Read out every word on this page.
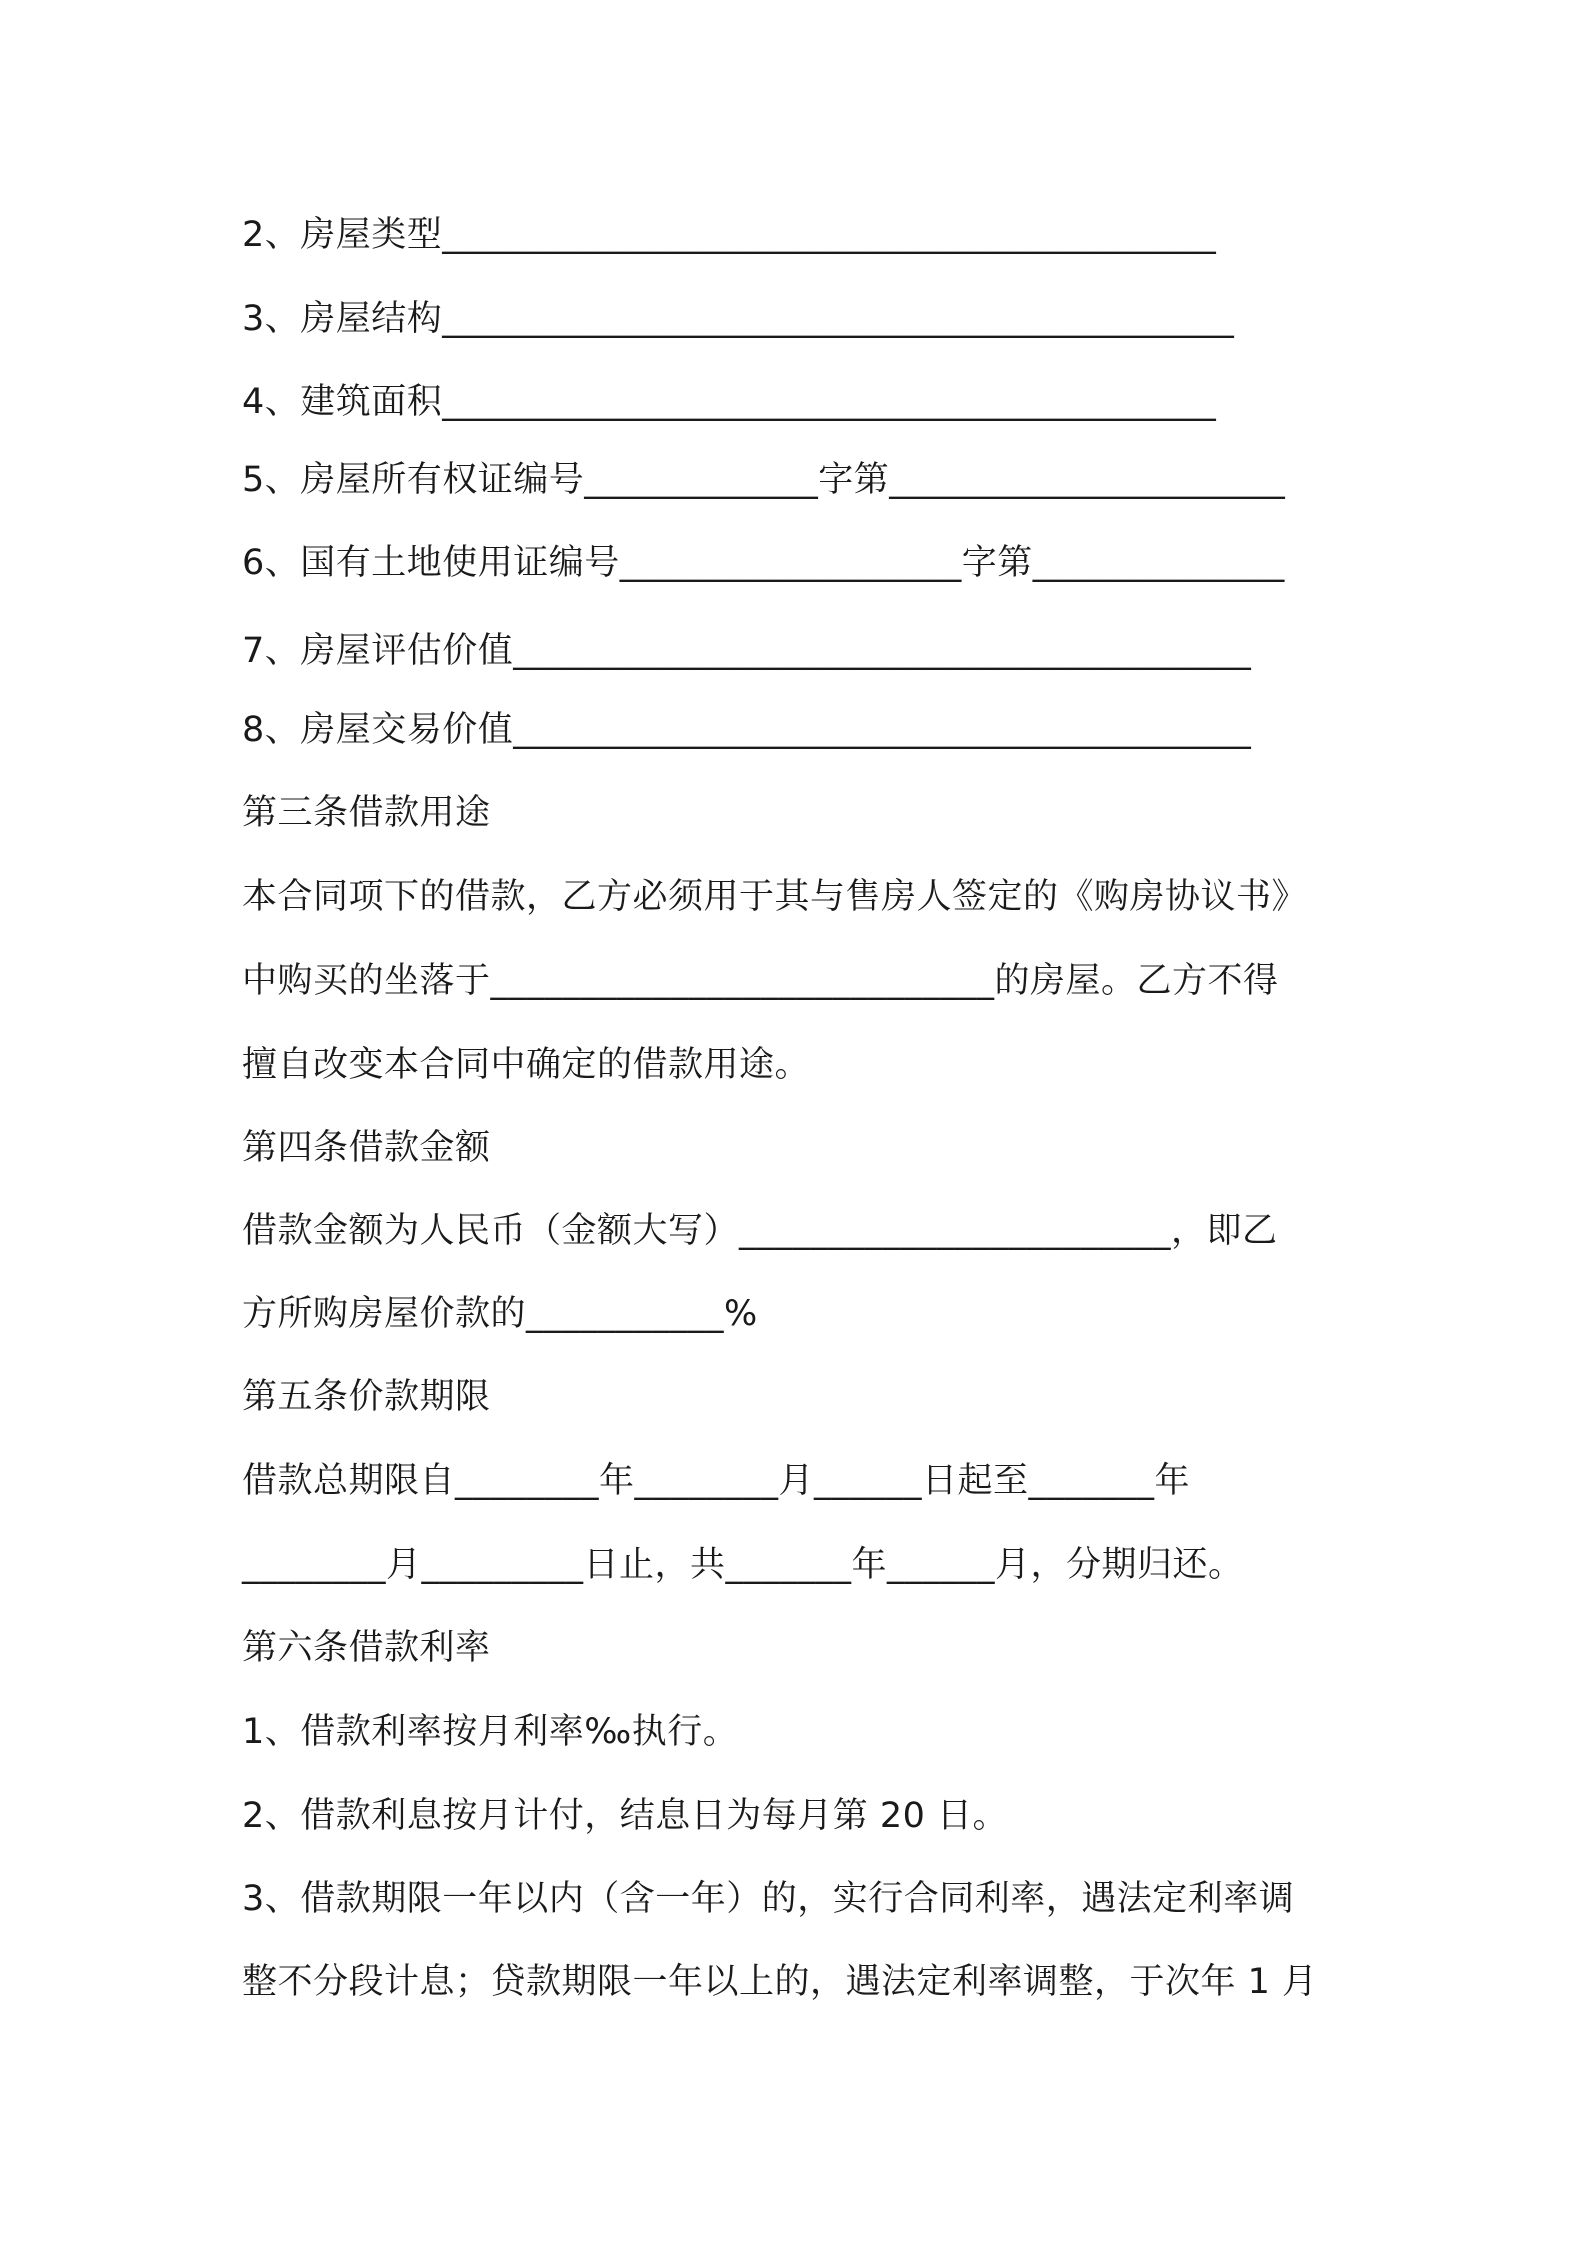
2、房屋类型___________________________________________
3、房屋结构____________________________________________
4、建筑面积___________________________________________
5、房屋所有权证编号_____________字第______________________
6、国有土地使用证编号___________________字第______________
7、房屋评估价值_________________________________________
8、房屋交易价值_________________________________________
第三条借款用途
本合同项下的借款，乙方必须用于其与售房人签定的《购房协议书》
中购买的坐落于____________________________的房屋。乙方不得
擅自改变本合同中确定的借款用途。
第四条借款金额
借款金额为人民币（金额大写）________________________，即乙
方所购房屋价款的___________%
第五条价款期限
借款总期限自________年________月______日起至_______年
________月_________日止，共_______年______月，分期归还。
第六条借款利率
1、借款利率按月利率‰执行。
2、借款利息按月计付，结息日为每月第 20 日。
3、借款期限一年以内（含一年）的，实行合同利率，遇法定利率调
整不分段计息；贷款期限一年以上的，遇法定利率调整，于次年 1 月
